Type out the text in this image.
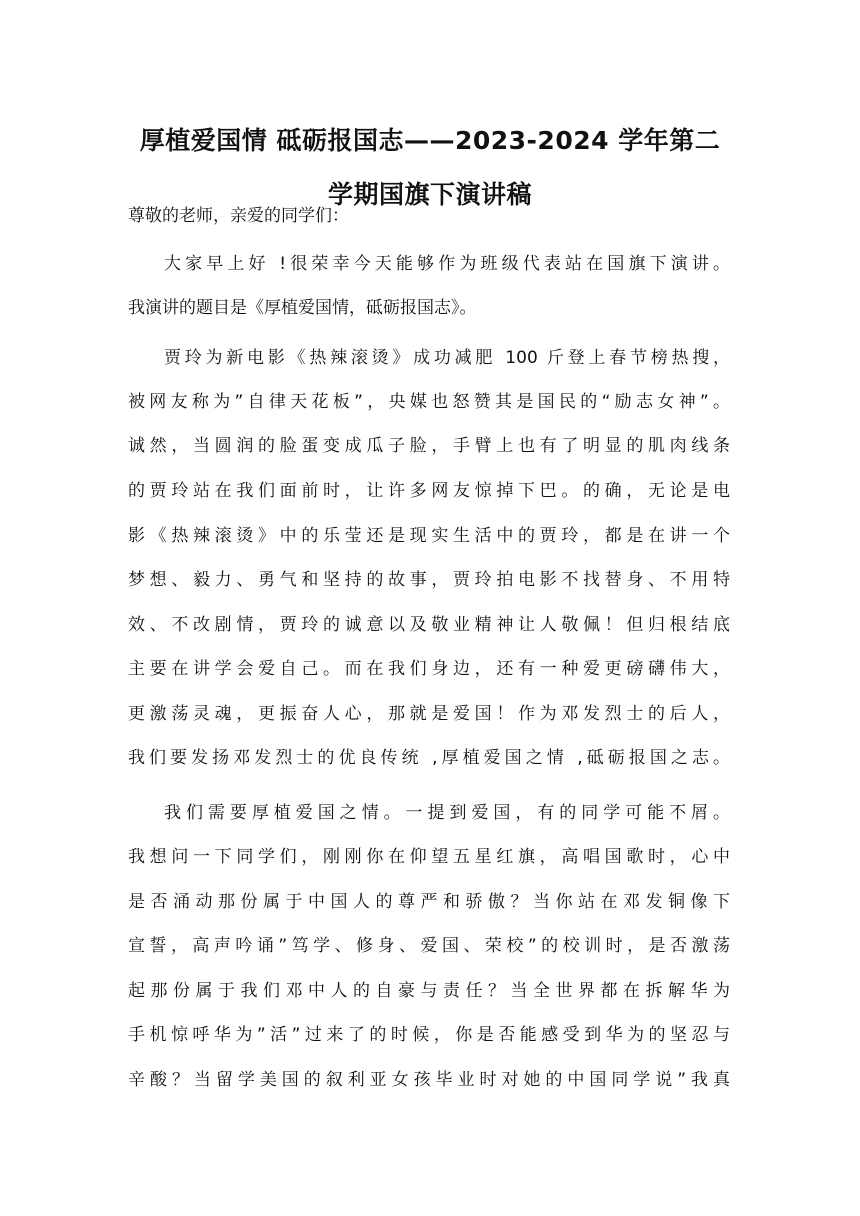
厚植爱国情 砥砺报国志——2023-2024 学年第二
学期国旗下演讲稿
尊敬的老师，亲爱的同学们：
大家早上好 !很荣幸今天能够作为班级代表站在国旗下演讲。
我演讲的题目是《厚植爱国情，砥砺报国志》。
贾玲为新电影《热辣滚烫》成功减肥 100 斤登上春节榜热搜，
被网友称为”自律天花板”，央媒也怒赞其是国民的“励志女神”。
诚然，当圆润的脸蛋变成瓜子脸，手臂上也有了明显的肌肉线条
的贾玲站在我们面前时，让许多网友惊掉下巴。的确，无论是电
影《热辣滚烫》中的乐莹还是现实生活中的贾玲，都是在讲一个
梦想、毅力、勇气和坚持的故事，贾玲拍电影不找替身、不用特
效、不改剧情，贾玲的诚意以及敬业精神让人敬佩！但归根结底
主要在讲学会爱自己。而在我们身边，还有一种爱更磅礴伟大，
更激荡灵魂，更振奋人心，那就是爱国！作为邓发烈士的后人，
我们要发扬邓发烈士的优良传统 ,厚植爱国之情 ,砥砺报国之志。
我们需要厚植爱国之情。一提到爱国，有的同学可能不屑。
我想问一下同学们，刚刚你在仰望五星红旗，高唱国歌时，心中
是否涌动那份属于中国人的尊严和骄傲？当你站在邓发铜像下
宣誓，高声吟诵”笃学、修身、爱国、荣校”的校训时，是否激荡
起那份属于我们邓中人的自豪与责任？当全世界都在拆解华为
手机惊呼华为”活”过来了的时候，你是否能感受到华为的坚忍与
辛酸？当留学美国的叙利亚女孩毕业时对她的中国同学说”我真
